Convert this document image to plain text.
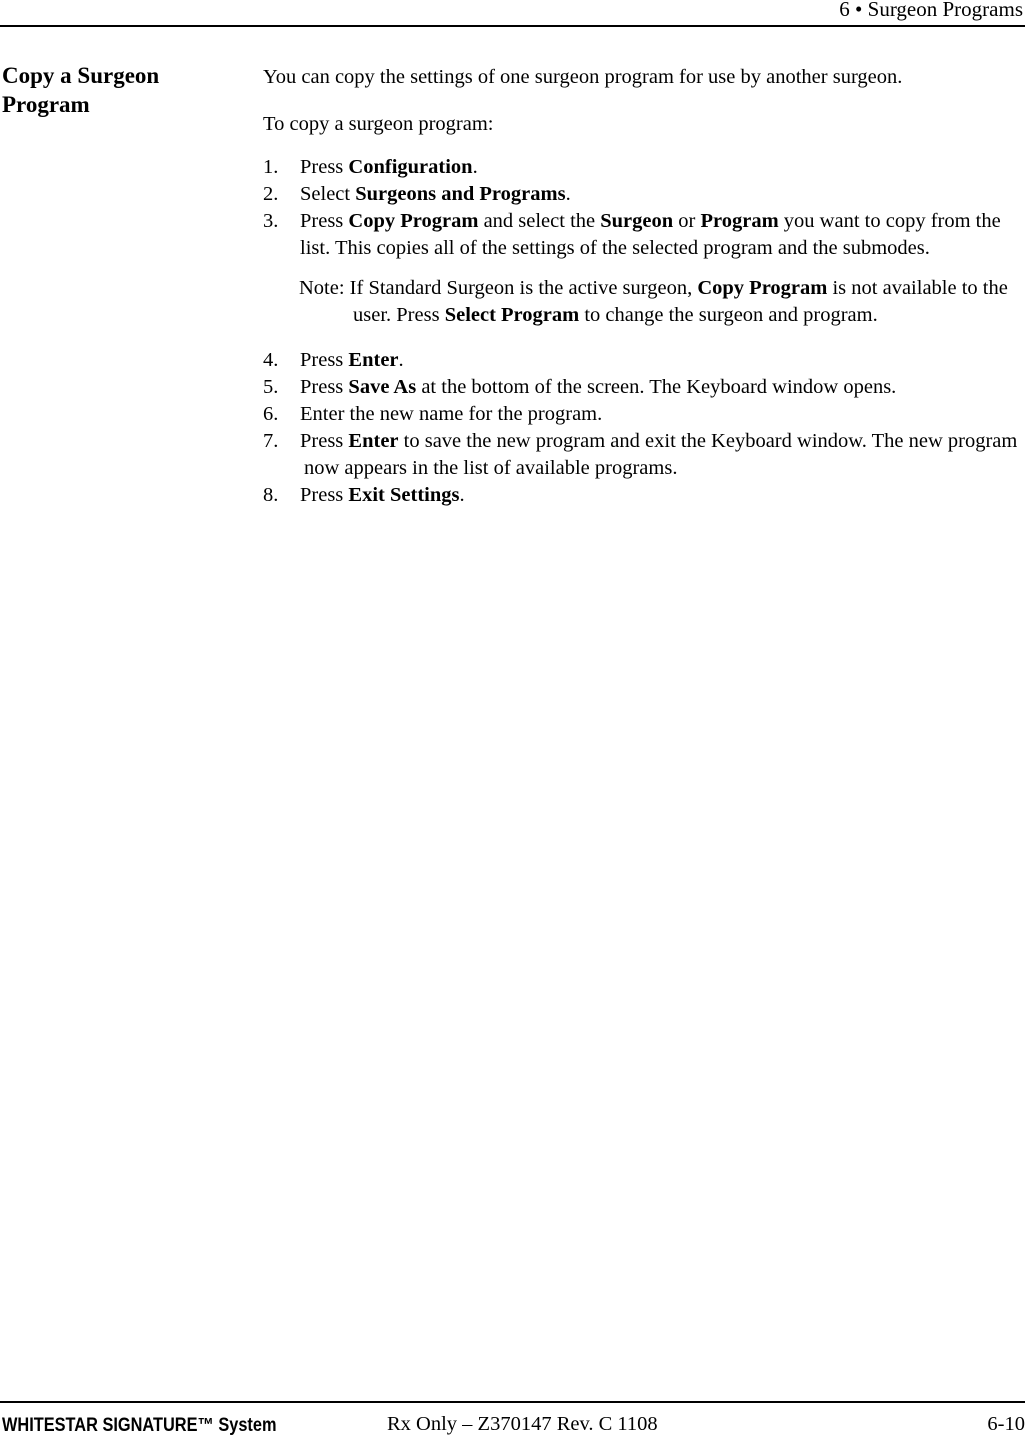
6 • Surgeon Programs
Copy a Surgeon Program
You can copy the settings of one surgeon program for use by another surgeon.
To copy a surgeon program:
1. Press Configuration.
2. Select Surgeons and Programs.
3. Press Copy Program and select the Surgeon or Program you want to copy from the list. This copies all of the settings of the selected program and the submodes.
Note: If Standard Surgeon is the active surgeon, Copy Program is not available to the user. Press Select Program to change the surgeon and program.
4. Press Enter.
5. Press Save As at the bottom of the screen. The Keyboard window opens.
6. Enter the new name for the program.
7. Press Enter to save the new program and exit the Keyboard window. The new program now appears in the list of available programs.
8. Press Exit Settings.
WHITESTAR SIGNATURE™ System	Rx Only – Z370147 Rev. C 1108	6-10
